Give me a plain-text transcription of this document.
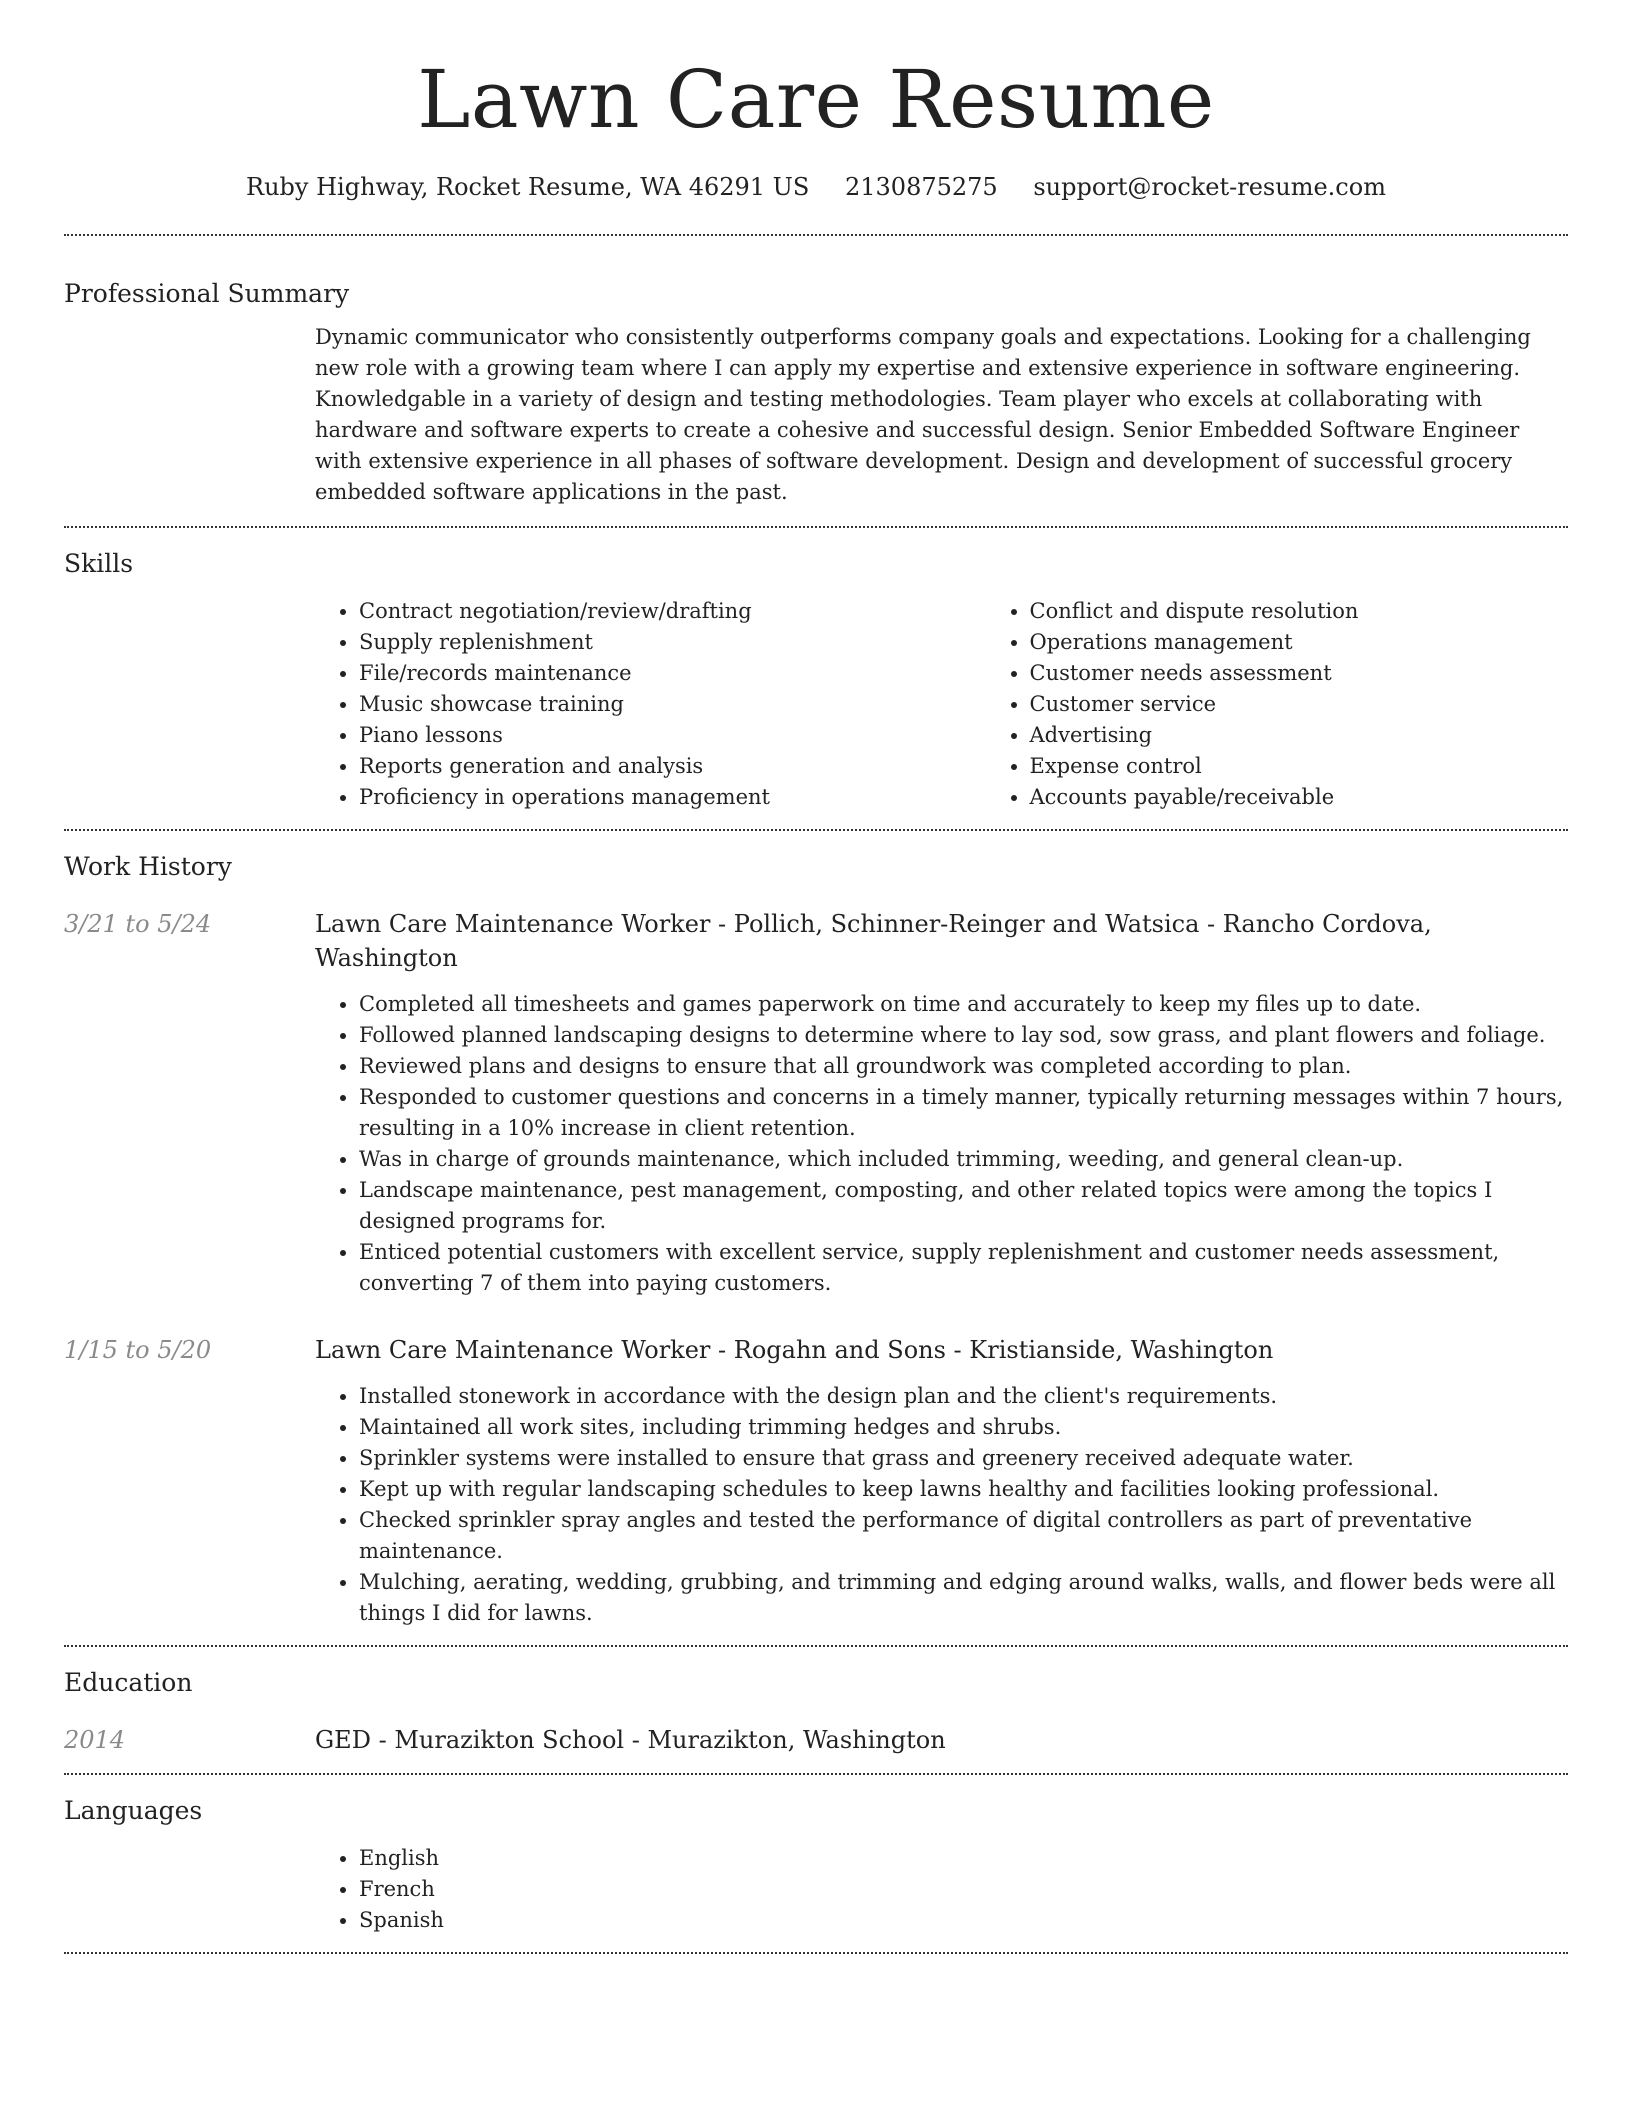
Lawn Care Resume
Ruby Highway, Rocket Resume, WA 46291 US 2130875275 support@rocket-resume.com
Professional Summary
Dynamic communicator who consistently outperforms company goals and expectations. Looking for a challenging new role with a growing team where I can apply my expertise and extensive experience in software engineering. Knowledgable in a variety of design and testing methodologies. Team player who excels at collaborating with hardware and software experts to create a cohesive and successful design. Senior Embedded Software Engineer with extensive experience in all phases of software development. Design and development of successful grocery embedded software applications in the past.
Skills
• Contract negotiation/review/drafting
• Supply replenishment
• File/records maintenance
• Music showcase training
• Piano lessons
• Reports generation and analysis
• Proficiency in operations management
• Conflict and dispute resolution
• Operations management
• Customer needs assessment
• Customer service
• Advertising
• Expense control
• Accounts payable/receivable
Work History
3/21 to 5/24	Lawn Care Maintenance Worker - Pollich, Schinner-Reinger and Watsica - Rancho Cordova, Washington
• Completed all timesheets and games paperwork on time and accurately to keep my files up to date.
• Followed planned landscaping designs to determine where to lay sod, sow grass, and plant flowers and foliage.
• Reviewed plans and designs to ensure that all groundwork was completed according to plan.
• Responded to customer questions and concerns in a timely manner, typically returning messages within 7 hours, resulting in a 10% increase in client retention.
• Was in charge of grounds maintenance, which included trimming, weeding, and general clean-up.
• Landscape maintenance, pest management, composting, and other related topics were among the topics I designed programs for.
• Enticed potential customers with excellent service, supply replenishment and customer needs assessment, converting 7 of them into paying customers.
1/15 to 5/20	Lawn Care Maintenance Worker - Rogahn and Sons - Kristianside, Washington
• Installed stonework in accordance with the design plan and the client's requirements.
• Maintained all work sites, including trimming hedges and shrubs.
• Sprinkler systems were installed to ensure that grass and greenery received adequate water.
• Kept up with regular landscaping schedules to keep lawns healthy and facilities looking professional.
• Checked sprinkler spray angles and tested the performance of digital controllers as part of preventative maintenance.
• Mulching, aerating, wedding, grubbing, and trimming and edging around walks, walls, and flower beds were all things I did for lawns.
Education
2014	GED - Murazikton School - Murazikton, Washington
Languages
• English
• French
• Spanish
